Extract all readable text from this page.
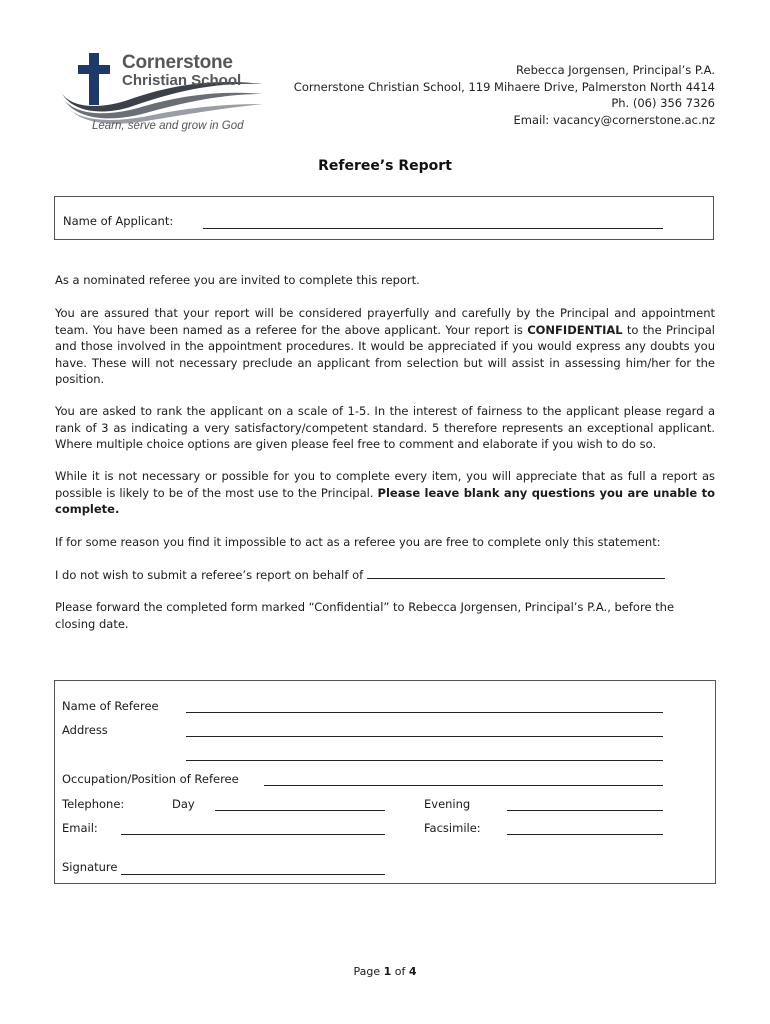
Cornerstone
Christian School
Learn, serve and grow in God
Rebecca Jorgensen, Principal’s P.A.
Cornerstone Christian School, 119 Mihaere Drive, Palmerston North 4414
Ph. (06) 356 7326
Email: vacancy@cornerstone.ac.nz
Referee’s Report
Name of Applicant:
As a nominated referee you are invited to complete this report.
You are assured that your report will be considered prayerfully and carefully by the Principal and appointment team. You have been named as a referee for the above applicant. Your report is CONFIDENTIAL to the Principal and those involved in the appointment procedures. It would be appreciated if you would express any doubts you have. These will not necessary preclude an applicant from selection but will assist in assessing him/her for the position.
You are asked to rank the applicant on a scale of 1-5. In the interest of fairness to the applicant please regard a rank of 3 as indicating a very satisfactory/competent standard. 5 therefore represents an exceptional applicant. Where multiple choice options are given please feel free to comment and elaborate if you wish to do so.
While it is not necessary or possible for you to complete every item, you will appreciate that as full a report as possible is likely to be of the most use to the Principal. Please leave blank any questions you are unable to complete.
If for some reason you find it impossible to act as a referee you are free to complete only this statement:
I do not wish to submit a referee’s report on behalf of
Please forward the completed form marked “Confidential” to Rebecca Jorgensen, Principal’s P.A., before the closing date.
Name of Referee
Address
Occupation/Position of Referee
Telephone:	Day	Evening
Email:	Facsimile:
Signature
Page 1 of 4
